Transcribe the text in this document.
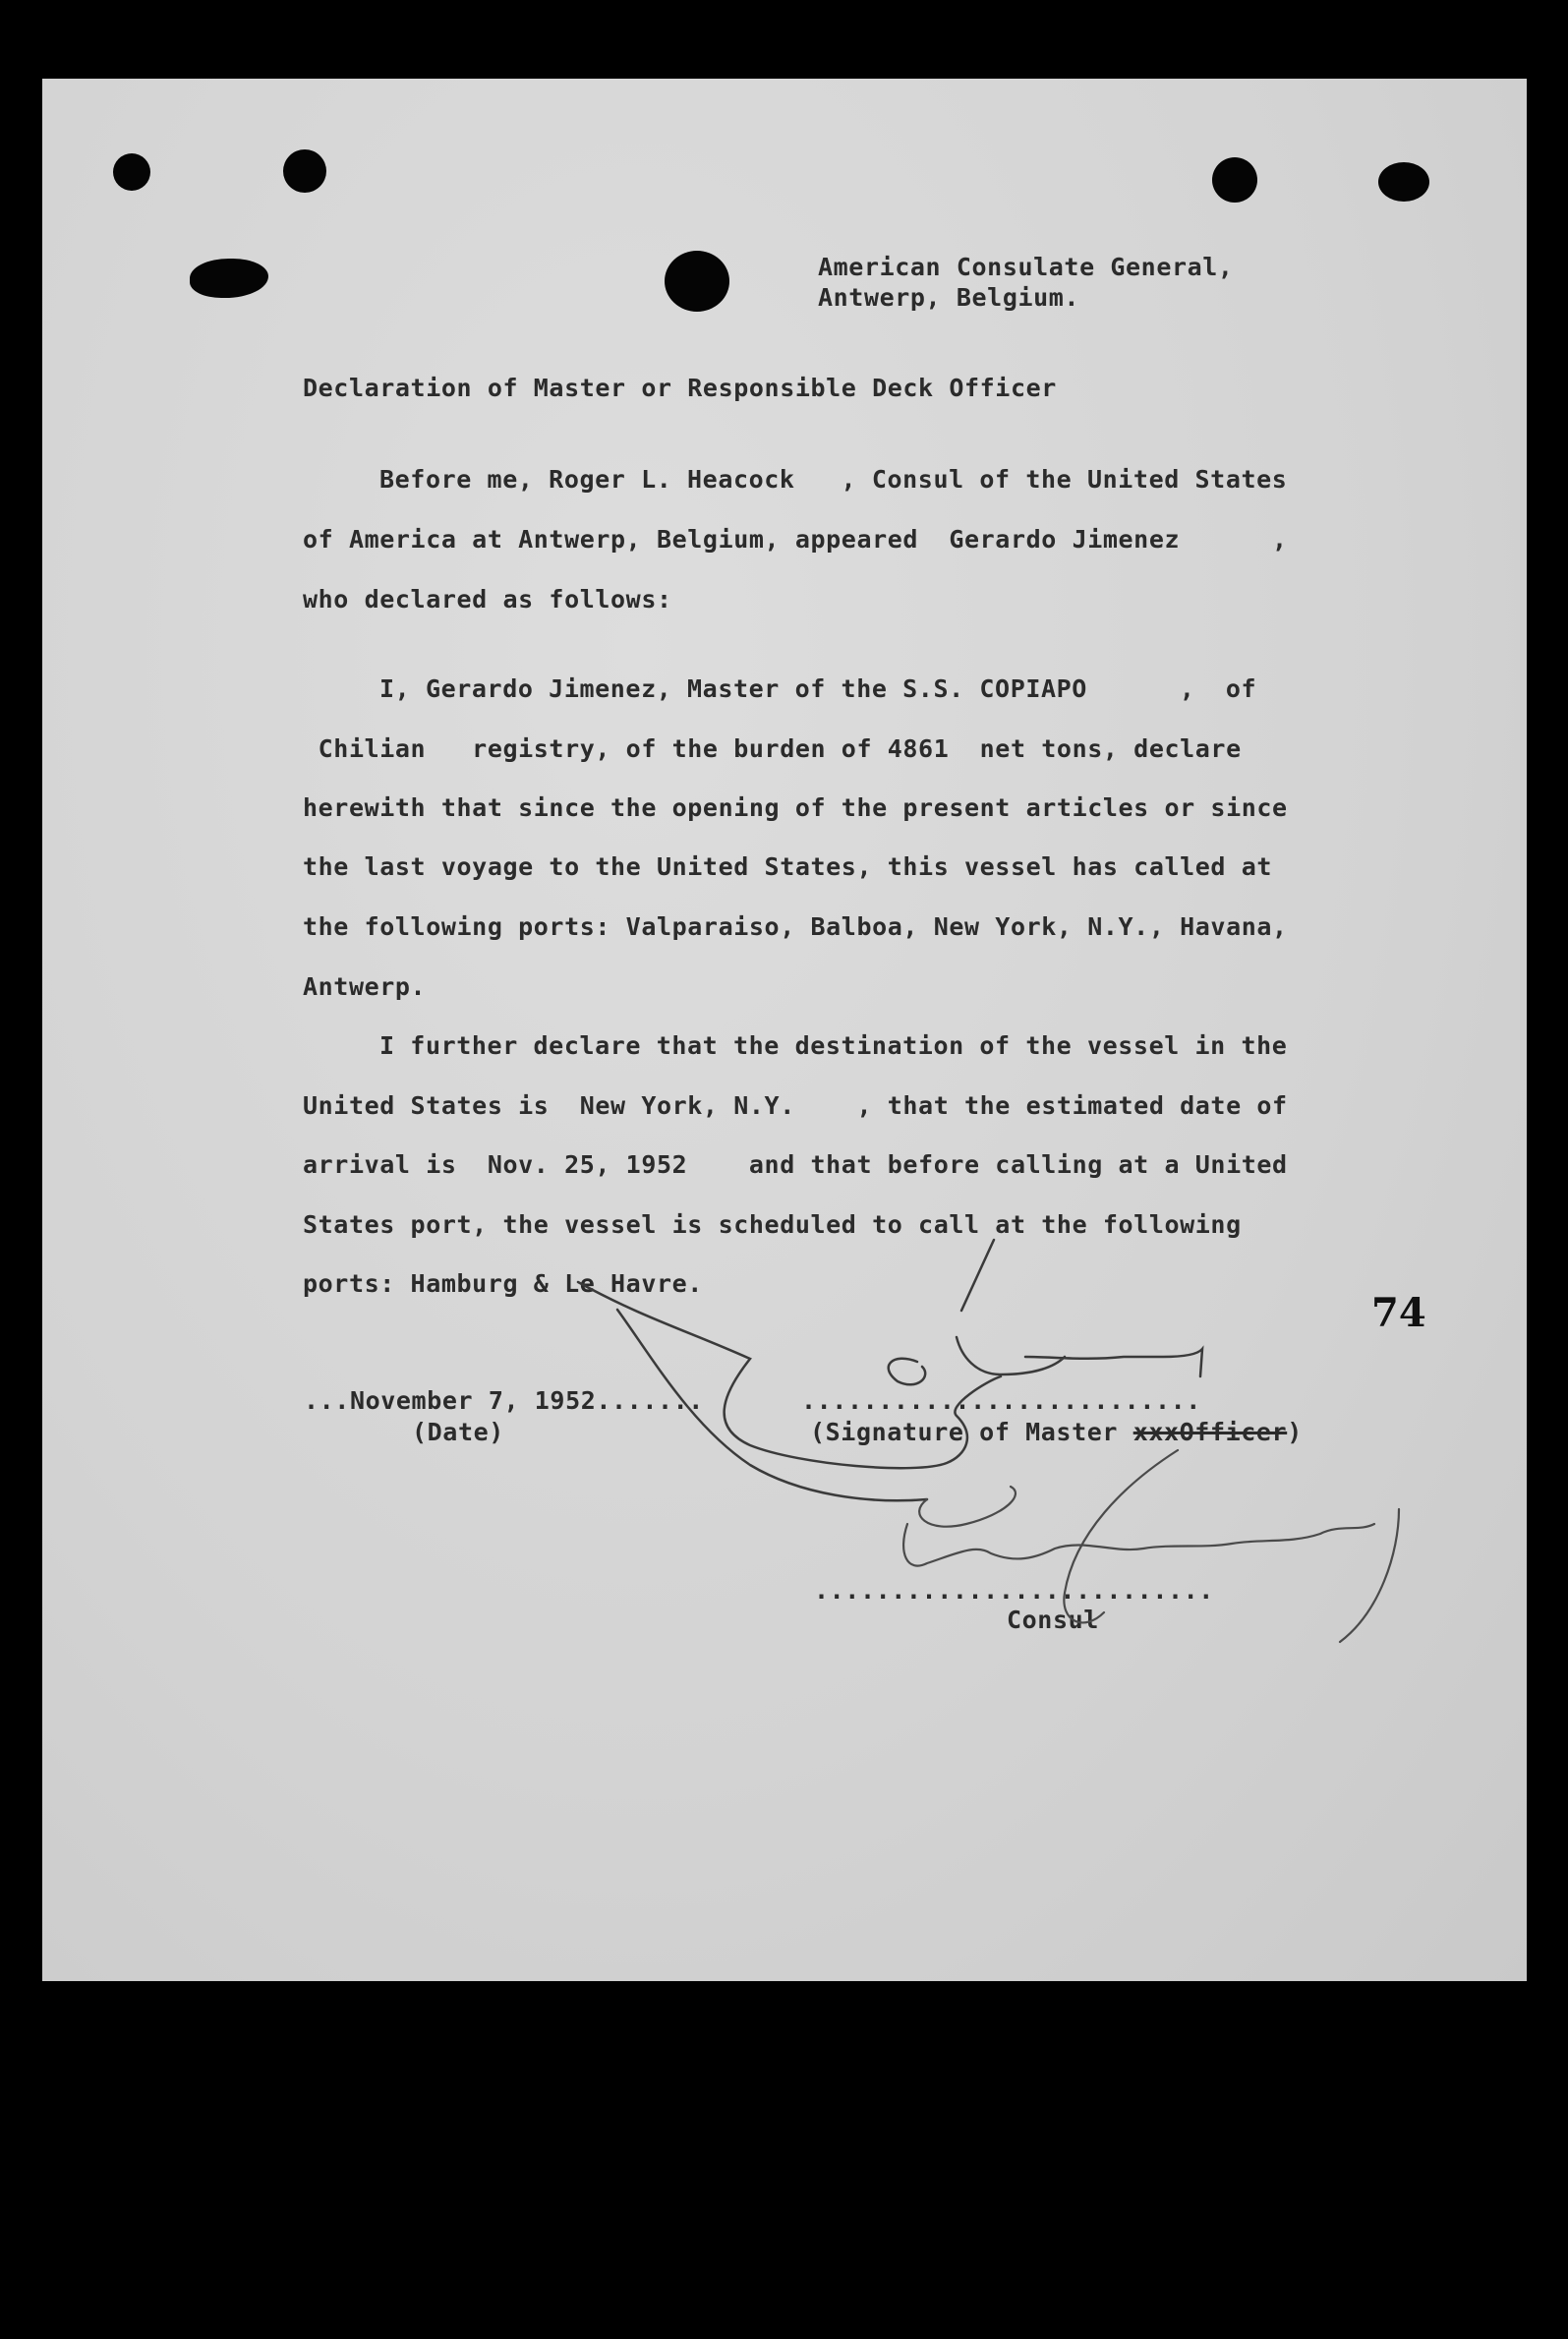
American Consulate General,
Antwerp, Belgium.
Declaration of Master or Responsible Deck Officer
Before me, Roger L. Heacock   , Consul of the United States
of America at Antwerp, Belgium, appeared  Gerardo Jimenez      ,
who declared as follows:
I, Gerardo Jimenez, Master of the S.S. COPIAPO      ,  of
Chilian   registry, of the burden of 4861  net tons, declare
herewith that since the opening of the present articles or since
the last voyage to the United States, this vessel has called at
the following ports: Valparaiso, Balboa, New York, N.Y., Havana,
Antwerp.
I further declare that the destination of the vessel in the
United States is  New York, N.Y.    , that the estimated date of
arrival is  Nov. 25, 1952    and that before calling at a United
States port, the vessel is scheduled to call at the following
ports: Hamburg & Le Havre.
74
...November 7, 1952.......
(Date)
..........................
(Signature of Master xxxOfficer)
..........................
Consul
